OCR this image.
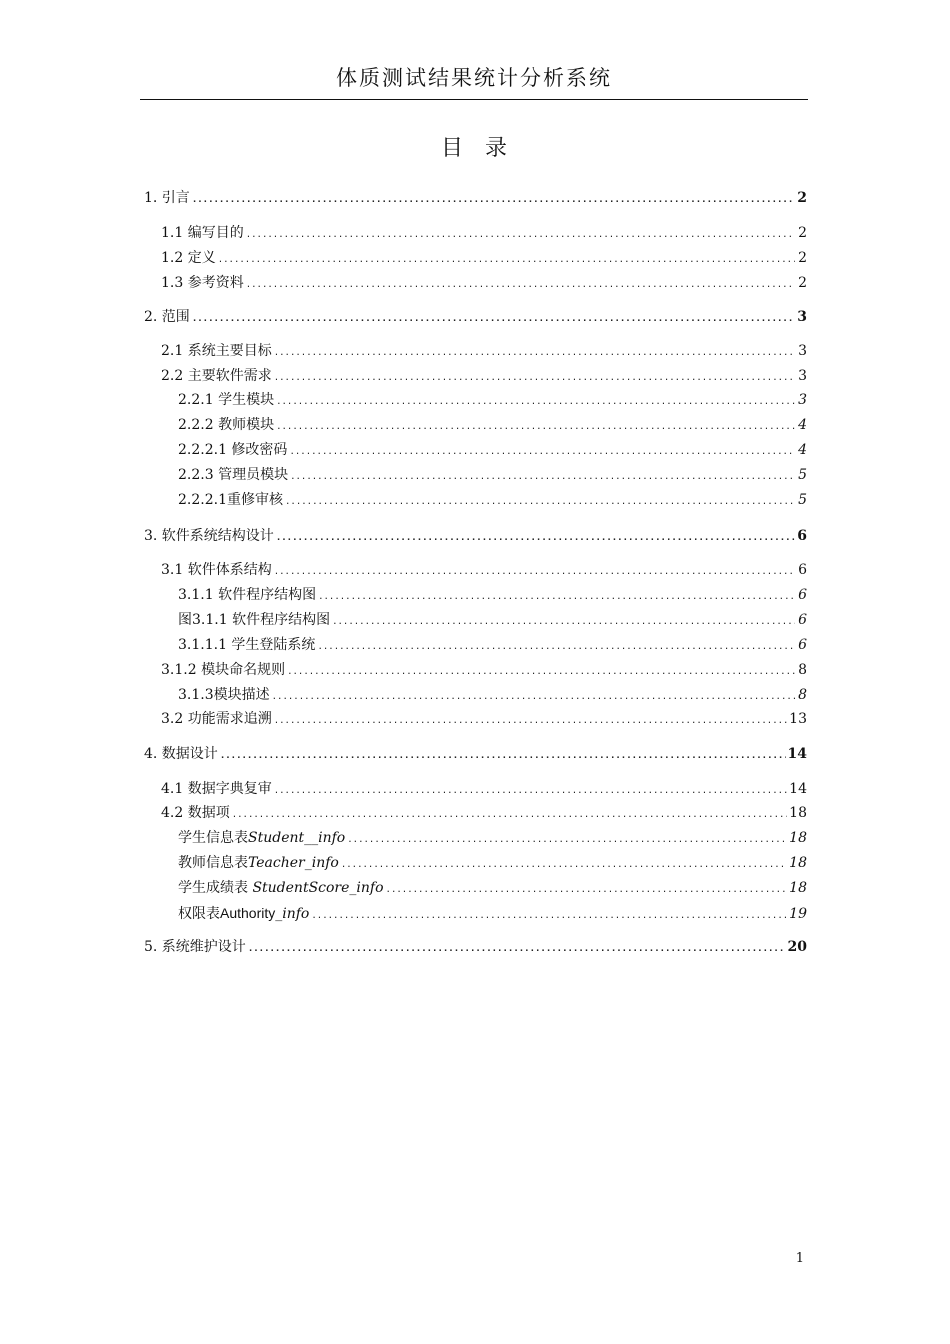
体质测试结果统计分析系统
目录
1. 引言 .....	2
1.1 编写目的 .....	2
1.2 定义 .....	2
1.3 参考资料 .....	2
2. 范围 .....	3
2.1 系统主要目标 .....	3
2.2 主要软件需求 .....	3
2.2.1 学生模块 .....	3
2.2.2 教师模块 .....	4
2.2.2.1 修改密码 .....	4
2.2.3 管理员模块 .....	5
2.2.2.1重修审核 .....	5
3. 软件系统结构设计 .....	6
3.1 软件体系结构 .....	6
3.1.1 软件程序结构图 .....	6
图3.1.1 软件程序结构图 .....	6
3.1.1.1 学生登陆系统 .....	6
3.1.2 模块命名规则 .....	8
3.1.3模块描述 .....	8
3.2 功能需求追溯 .....	13
4. 数据设计 .....	14
4.1 数据字典复审 .....	14
4.2 数据项 .....	18
学生信息表Student__info .....	18
教师信息表Teacher_info .....	18
学生成绩表 StudentScore_info .....	18
权限表Authority_info .....	19
5. 系统维护设计 .....	20
1
